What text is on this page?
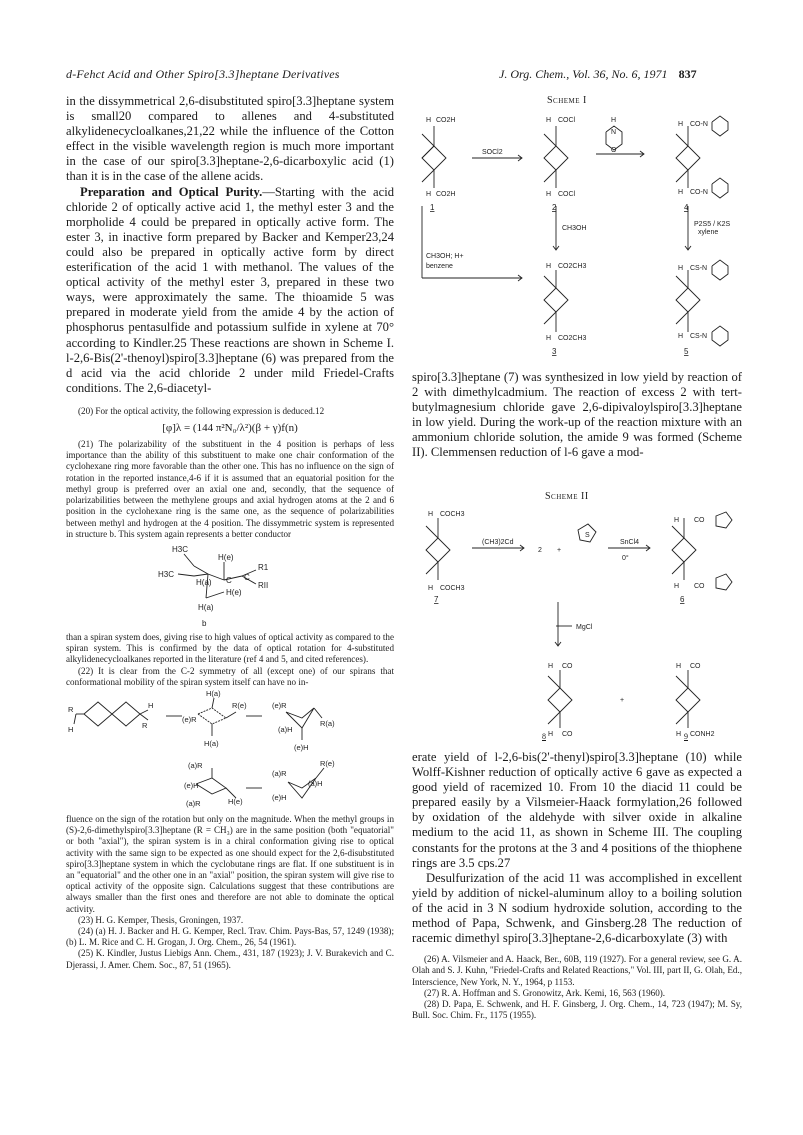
d-Fehct Acid and Other Spiro[3.3]heptane Derivatives	J. Org. Chem., Vol. 36, No. 6, 1971 837

in the dissymmetrical 2,6-disubstituted spiro[3.3]heptane system is small20 compared to allenes and 4-substituted alkylidenecycloalkanes,21,22 while the influence of the Cotton effect in the visible wavelength region is much more important in the case of our spiro[3.3]heptane-2,6-dicarboxylic acid (1) than it is in the case of the allene acids.

Preparation and Optical Purity.—Starting with the acid chloride 2 of optically active acid 1, the methyl ester 3 and the morpholide 4 could be prepared in optically active form. The ester 3, in inactive form prepared by Backer and Kemper23,24 could also be prepared in optically active form by direct esterification of the acid 1 with methanol. The values of the optical activity of the methyl ester 3, prepared in these two ways, were approximately the same. The thioamide 5 was prepared in moderate yield from the amide 4 by the action of phosphorus pentasulfide and potassium sulfide in xylene at 70° according to Kindler.25 These reactions are shown in Scheme I. l-2,6-Bis(2'-thenoyl)spiro[3.3]heptane (6) was prepared from the d acid via the acid chloride 2 under mild Friedel-Crafts conditions. The 2,6-diacetyl-

(20) For the optical activity, the following expression is deduced.12

[φ]λ = (144 π²N₀/λ²)(β + γ)f(n)

(21) The polarizability of the substituent in the 4 position is perhaps of less importance than the ability of this substituent to make one chair conformation of the cyclohexane ring more favorable than the other one. This has no influence on the sign of rotation in the reported instance,4-6 if it is assumed that an equatorial position for the methyl group is preferred over an axial one and, secondly, that the sequence of polarizabilities between the methylene groups and axial hydrogen atoms at the 2 and 6 position in the cyclohexane ring is the same one, as the sequence of polarizabilities between methyl and hydrogen at the 4 position. The dissymmetric system is represented in structure b. This system again represents a better conductor

H3C
H3C
H(e)
H(a) C C
R1
RII
H(e)
H(a)
b

than a spiran system does, giving rise to high values of optical activity as compared to the spiran system. This is confirmed by the data of optical rotation for 4-substituted alkylidenecycloalkanes reported in the literature (ref 4 and 5, and cited references).

(22) It is clear from the C-2 symmetry of all (except one) of our spirans that conformational mobility of the spiran system itself can have no in-

R	H
H	R
H(a)
R(e)
(e)R
H(a)
(e)R
(a)H
R(a)
(e)H
(a)R
(e)H
(a)R	H(e)
R(e)
(a)R
(a)H
(e)H

fluence on the sign of the rotation but only on the magnitude. When the methyl groups in (S)-2,6-dimethylspiro[3.3]heptane (R = CH₃) are in the same position (both "equatorial" or both "axial"), the spiran system is in a chiral conformation giving rise to optical activity with the same sign to be expected as one should expect for the 2,6-disubstituted spiro[3.3]heptane system in which the cyclobutane rings are flat. If one substituent is in an "equatorial" and the other one in an "axial" position, the spiran system will give rise to optical activity of the opposite sign. Calculations suggest that these contributions are always smaller than the first ones and therefore are not able to dominate the optical activity.

(23) H. G. Kemper, Thesis, Groningen, 1937.

(24) (a) H. J. Backer and H. G. Kemper, Recl. Trav. Chim. Pays-Bas, 57, 1249 (1938); (b) L. M. Rice and C. H. Grogan, J. Org. Chem., 26, 54 (1961).

(25) K. Kindler, Justus Liebigs Ann. Chem., 431, 187 (1923); J. V. Burakevich and C. Djerassi, J. Amer. Chem. Soc., 87, 51 (1965).

Scheme I
H CO2H
H CO2H
H COCl
H COCl
H CO-N
H CO-N
H CO2CH3
H CO2CH3
H CS-N
H CS-N
SOCl2
H
N
O
CH3OH
P2S5 / K2S
xylene
CH3OH; H+
benzene
1	2	4
3	5

spiro[3.3]heptane (7) was synthesized in low yield by reaction of 2 with dimethylcadmium. The reaction of excess 2 with tert-butylmagnesium chloride gave 2,6-dipivaloylspiro[3.3]heptane in low yield. During the work-up of the reaction mixture with an ammonium chloride solution, the amide 9 was formed (Scheme II). Clemmensen reduction of l-6 gave a mod-

Scheme II
H COCH3
H COCH3
H CO
H CO
H CO
H CO
H CO
H CONH2
(CH3)2Cd
2 +
S
SnCl4
0°
MgCl
+
7	6
8	9

erate yield of l-2,6-bis(2'-thenyl)spiro[3.3]heptane (10) while Wolff-Kishner reduction of optically active 6 gave as expected a good yield of racemized 10. From 10 the diacid 11 could be prepared easily by a Vilsmeier-Haack formylation,26 followed by oxidation of the aldehyde with silver oxide in alkaline medium to the acid 11, as shown in Scheme III. The coupling constants for the protons at the 3 and 4 positions of the thiophene rings are 3.5 cps.27

Desulfurization of the acid 11 was accomplished in excellent yield by addition of nickel-aluminum alloy to a boiling solution of the acid in 3 N sodium hydroxide solution, according to the method of Papa, Schwenk, and Ginsberg.28 The reduction of racemic dimethyl spiro[3.3]heptane-2,6-dicarboxylate (3) with

(26) A. Vilsmeier and A. Haack, Ber., 60B, 119 (1927). For a general review, see G. A. Olah and S. J. Kuhn, "Friedel-Crafts and Related Reactions," Vol. III, part II, G. Olah, Ed., Interscience, New York, N. Y., 1964, p 1153.

(27) R. A. Hoffman and S. Gronowitz, Ark. Kemi, 16, 563 (1960).

(28) D. Papa, E. Schwenk, and H. F. Ginsberg, J. Org. Chem., 14, 723 (1947); M. Sy, Bull. Soc. Chim. Fr., 1175 (1955).
